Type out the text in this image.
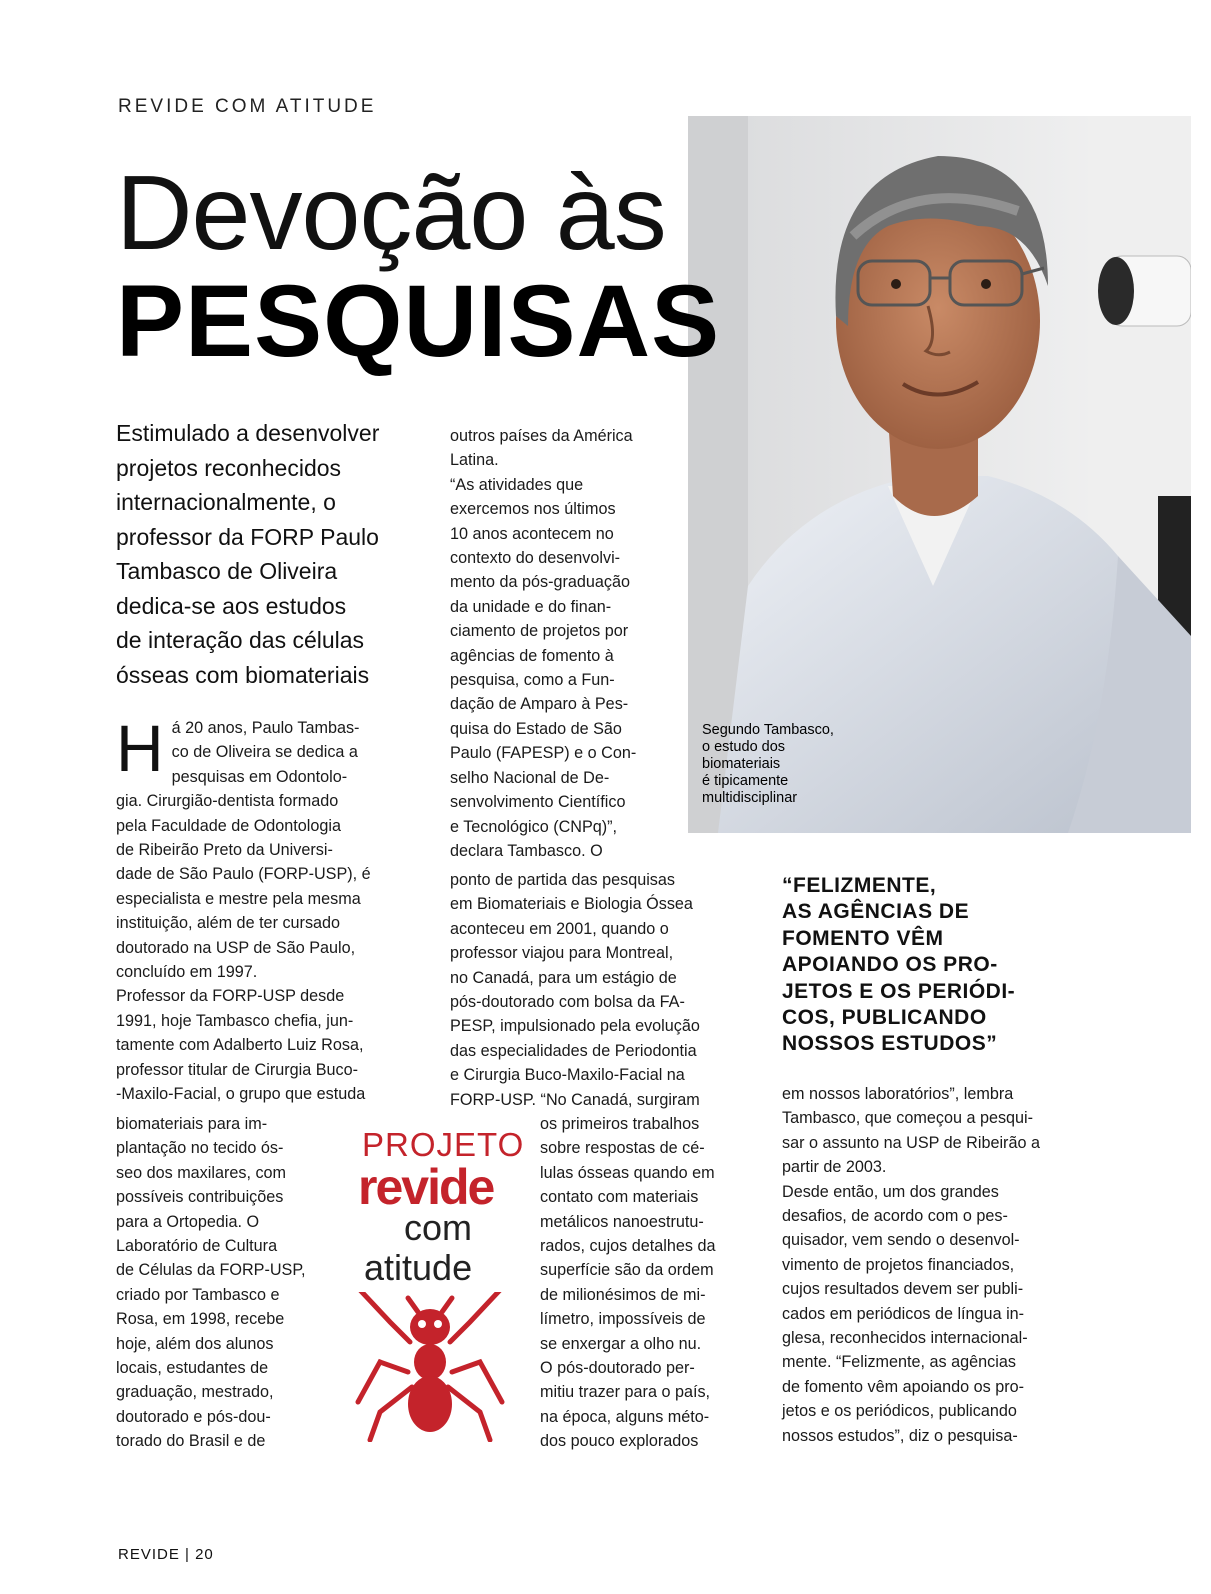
REVIDE COM ATITUDE
Devoção às
PESQUISAS
Segundo Tambasco,
o estudo dos
biomateriais
é tipicamente
multidisciplinar
Estimulado a desenvolver
projetos reconhecidos
internacionalmente, o
professor da FORP Paulo
Tambasco de Oliveira
dedica-se aos estudos
de interação das células
ósseas com biomateriais
H á 20 anos, Paulo Tambas-
co de Oliveira se dedica a
pesquisas em Odontolo-
gia. Cirurgião-dentista formado
pela Faculdade de Odontologia
de Ribeirão Preto da Universi-
dade de São Paulo (FORP-USP), é
especialista e mestre pela mesma
instituição, além de ter cursado
doutorado na USP de São Paulo,
concluído em 1997.
Professor da FORP-USP desde
1991, hoje Tambasco chefia, jun-
tamente com Adalberto Luiz Rosa,
professor titular de Cirurgia Buco-
-Maxilo-Facial, o grupo que estuda
biomateriais para im-
plantação no tecido ós-
seo dos maxilares, com
possíveis contribuições
para a Ortopedia. O
Laboratório de Cultura
de Células da FORP-USP,
criado por Tambasco e
Rosa, em 1998, recebe
hoje, além dos alunos
locais, estudantes de
graduação, mestrado,
doutorado e pós-dou-
torado do Brasil e de
outros países da América
Latina.
“As atividades que
exercemos nos últimos
10 anos acontecem no
contexto do desenvolvi-
mento da pós-graduação
da unidade e do finan-
ciamento de projetos por
agências de fomento à
pesquisa, como a Fun-
dação de Amparo à Pes-
quisa do Estado de São
Paulo (FAPESP) e o Con-
selho Nacional de De-
senvolvimento Científico
e Tecnológico (CNPq)”,
declara Tambasco. O
ponto de partida das pesquisas
em Biomateriais e Biologia Óssea
aconteceu em 2001, quando o
professor viajou para Montreal,
no Canadá, para um estágio de
pós-doutorado com bolsa da FA-
PESP, impulsionado pela evolução
das especialidades de Periodontia
e Cirurgia Buco-Maxilo-Facial na
FORP-USP. “No Canadá, surgiram
os primeiros trabalhos
sobre respostas de cé-
lulas ósseas quando em
contato com materiais
metálicos nanoestrutu-
rados, cujos detalhes da
superfície são da ordem
de milionésimos de mi-
límetro, impossíveis de
se enxergar a olho nu.
O pós-doutorado per-
mitiu trazer para o país,
na época, alguns méto-
dos pouco explorados
“FELIZMENTE,
AS AGÊNCIAS DE
FOMENTO VÊM
APOIANDO OS PRO-
JETOS E OS PERIÓDI-
COS, PUBLICANDO
NOSSOS ESTUDOS”
em nossos laboratórios”, lembra
Tambasco, que começou a pesqui-
sar o assunto na USP de Ribeirão a
partir de 2003.
Desde então, um dos grandes
desafios, de acordo com o pes-
quisador, vem sendo o desenvol-
vimento de projetos financiados,
cujos resultados devem ser publi-
cados em periódicos de língua in-
glesa, reconhecidos internacional-
mente. “Felizmente, as agências
de fomento vêm apoiando os pro-
jetos e os periódicos, publicando
nossos estudos”, diz o pesquisa-
PROJETO
revide
com
atitude
REVIDE | 20
